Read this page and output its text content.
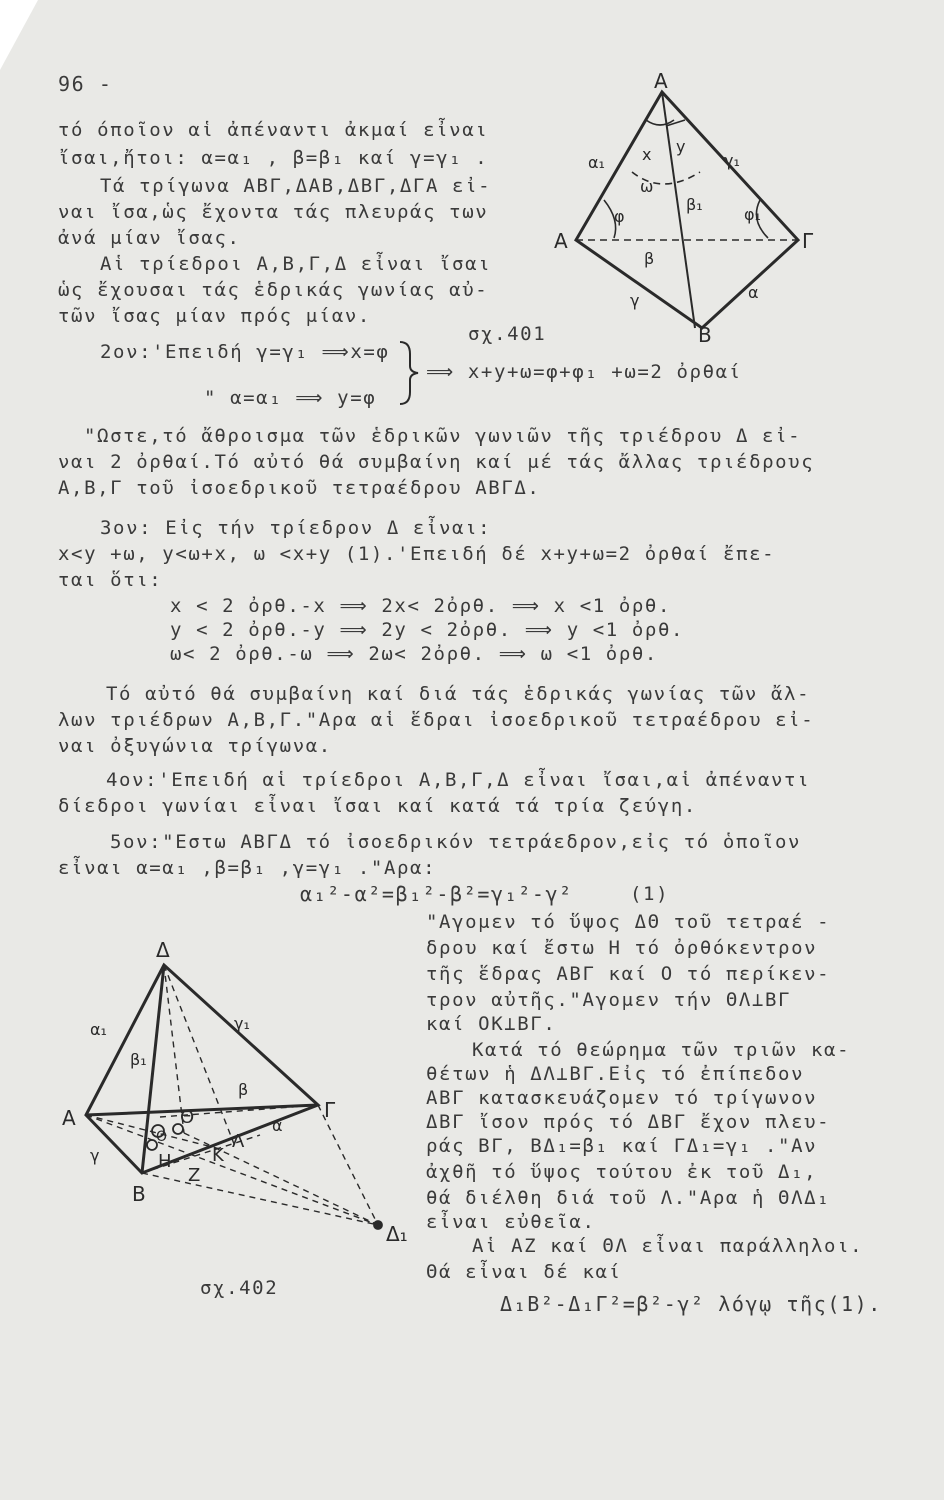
96 -
τό όποῖον αἱ ἀπέναντι ἀκμαί εἶναι
ἴσαι,ἤτοι: α=α₁ , β=β₁ καί γ=γ₁ .
Τά τρίγωνα ΑΒΓ,ΔΑΒ,ΔΒΓ,ΔΓΑ εἰ-
ναι ἴσα,ὡς ἔχοντα τάς πλευράς των
ἀνά μίαν ἴσας.
Αἱ τρίεδροι Α,Β,Γ,Δ εἶναι ἴσαι
ὡς ἔχουσαι τάς ἑδρικάς γωνίας αὐ-
τῶν ἴσας μίαν πρός μίαν.
Α
Α	Γ
Β
α₁	γ₁
x y
ω
φ	φ₁
β₁
β
γ	α
σχ.401
2ον: 'Επειδή γ=γ₁ ⟹x=φ
" α=α₁ ⟹ y=φ
⟹ x+y+ω=φ+φ₁ +ω=2 ὀρθαί
"Ωστε,τό ἄθροισμα τῶν ἑδρικῶν γωνιῶν τῆς τριέδρου Δ εἰ-
ναι 2 ὀρθαί.Τό αὐτό θά συμβαίνη καί μέ τάς ἄλλας τριέδρους
Α,Β,Γ τοῦ ἰσοεδρικοῦ τετραέδρου ΑΒΓΔ.
3ον: Εἰς τήν τρίεδρον Δ εἶναι:
x<y +ω, y<ω+x, ω <x+y (1).'Επειδή δέ x+y+ω=2 ὀρθαί ἔπε-
ται ὅτι:
x < 2 ὀρθ.-x ⟹ 2x< 2ὀρθ. ⟹ x <1 ὀρθ.
y < 2 ὀρθ.-y ⟹ 2y < 2ὀρθ. ⟹ y <1 ὀρθ.
ω< 2 ὀρθ.-ω ⟹ 2ω< 2ὀρθ. ⟹ ω <1 ὀρθ.
Τό αὐτό θά συμβαίνη καί διά τάς ἑδρικάς γωνίας τῶν ἄλ-
λων τριέδρων Α,Β,Γ."Αρα αἱ ἕδραι ἰσοεδρικοῦ τετραέδρου εἰ-
ναι ὀξυγώνια τρίγωνα.
4ον:'Επειδή αἱ τρίεδροι Α,Β,Γ,Δ εἶναι ἴσαι,αἱ ἀπέναντι
δίεδροι γωνίαι εἶναι ἴσαι καί κατά τά τρία ζεύγη.
5ον:"Εστω ΑΒΓΔ τό ἰσοεδρικόν τετράεδρον,εἰς τό ὁποῖον
εἶναι α=α₁ ,β=β₁ ,γ=γ₁ ."Αρα:
α₁²-α²=β₁²-β²=γ₁²-γ²	(1)
"Αγομεν τό ὕψος ΔΘ τοῦ τετραέ -
δρου καί ἔστω Η τό ὀρθόκεντρον
τῆς ἕδρας ΑΒΓ καί Ο τό περίκεν-
τρον αὐτῆς."Αγομεν τήν ΘΛ⊥ΒΓ
καί ΟΚ⊥ΒΓ.
Κατά τό θεώρημα τῶν τριῶν κα-
θέτων ἡ ΔΛ⊥ΒΓ.Εἰς τό ἐπίπεδον
ΑΒΓ κατασκευάζομεν τό τρίγωνον
ΔΒΓ ἴσον πρός τό ΔΒΓ ἔχον πλευ-
ράς ΒΓ, ΒΔ₁=β₁ καί ΓΔ₁=γ₁ ."Αν
ἀχθῆ τό ὕψος τούτου ἐκ τοῦ Δ₁,
θά διέλθη διά τοῦ Λ."Αρα ἡ ΘΛΔ₁
εἶναι εὐθεῖα.
Αἱ ΑΖ καί ΘΛ εἶναι παράλληλοι.
Θά εἶναι δέ καί
Δ₁Β²-Δ₁Γ²=β²-γ² λόγῳ τῆς(1).
Δ
Α
Β
Γ
Δ₁
α₁	γ₁
β₁
β
γ
α
Θ
Ο
Η
Ζ
Κ
Λ
σχ.402
